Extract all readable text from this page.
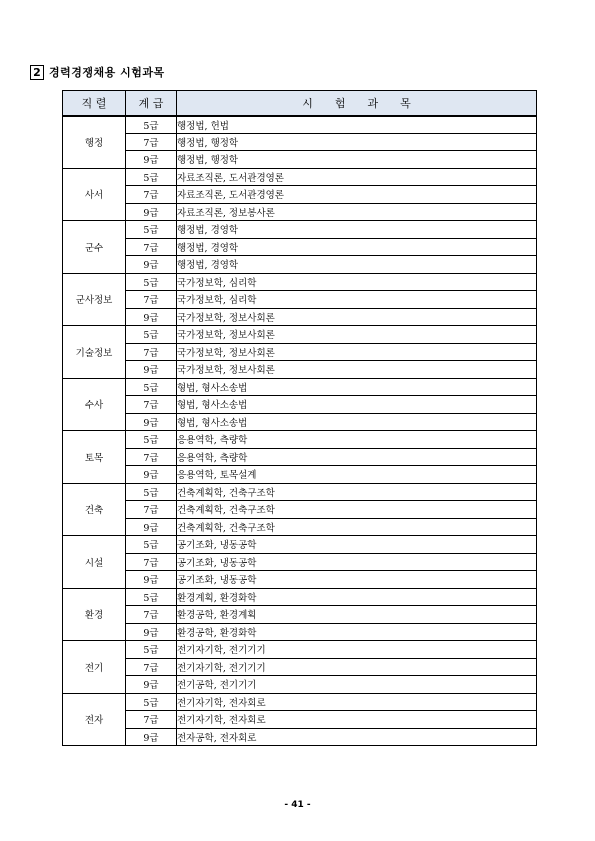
2 경력경쟁채용 시험과목
직 렬	계 급	시　　험　　과　　목
행정	5급	행정법, 헌법
	7급	행정법, 행정학
	9급	행정법, 행정학
사서	5급	자료조직론, 도서관경영론
	7급	자료조직론, 도서관경영론
	9급	자료조직론, 정보봉사론
군수	5급	행정법, 경영학
	7급	행정법, 경영학
	9급	행정법, 경영학
군사정보	5급	국가정보학, 심리학
	7급	국가정보학, 심리학
	9급	국가정보학, 정보사회론
기술정보	5급	국가정보학, 정보사회론
	7급	국가정보학, 정보사회론
	9급	국가정보학, 정보사회론
수사	5급	형법, 형사소송법
	7급	형법, 형사소송법
	9급	형법, 형사소송법
토목	5급	응용역학, 측량학
	7급	응용역학, 측량학
	9급	응용역학, 토목설계
건축	5급	건축계획학, 건축구조학
	7급	건축계획학, 건축구조학
	9급	건축계획학, 건축구조학
시설	5급	공기조화, 냉동공학
	7급	공기조화, 냉동공학
	9급	공기조화, 냉동공학
환경	5급	환경계획, 환경화학
	7급	환경공학, 환경계획
	9급	환경공학, 환경화학
전기	5급	전기자기학, 전기기기
	7급	전기자기학, 전기기기
	9급	전기공학, 전기기기
전자	5급	전기자기학, 전자회로
	7급	전기자기학, 전자회로
	9급	전자공학, 전자회로
- 41 -
